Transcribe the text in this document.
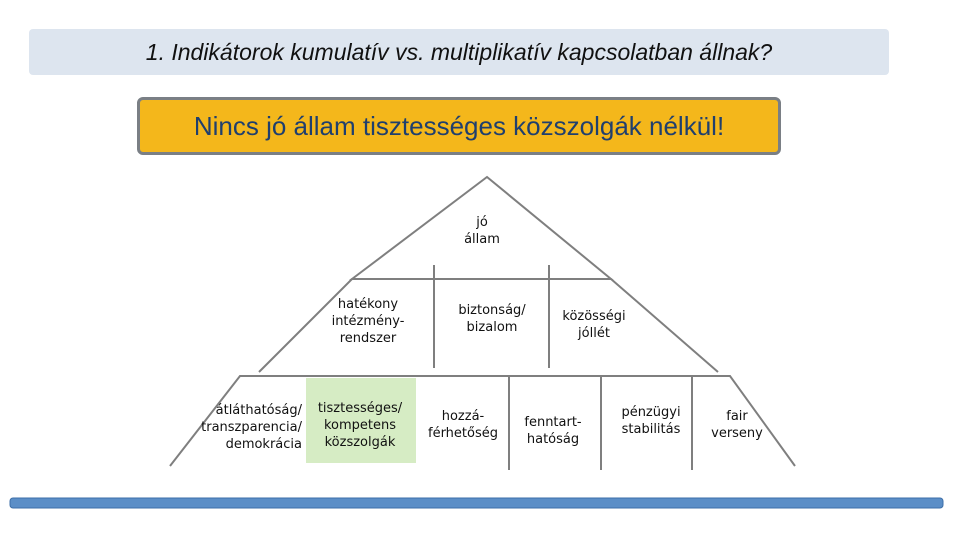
1. Indikátorok kumulatív vs. multiplikatív kapcsolatban állnak?
Nincs jó állam tisztességes közszolgák nélkül!
jó
állam
hatékony
intézmény-
rendszer
biztonság/
bizalom
közösségi
jóllét
átláthatóság/
transzparencia/
demokrácia
tisztességes/
kompetens
közszolgák
hozzá-
férhetőség
fenntart-
hatóság
pénzügyi
stabilitás
fair
verseny
